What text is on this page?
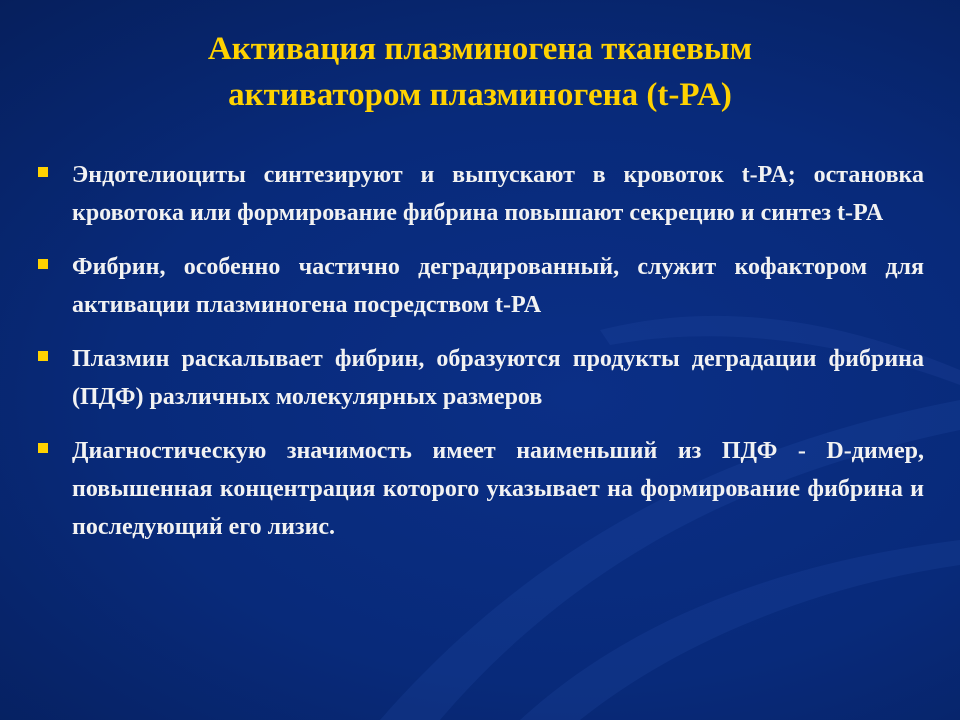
Активация плазминогена тканевым
активатором плазминогена (t-PA)
Эндотелиоциты синтезируют и выпускают в кровоток t-PA; остановка кровотока или формирование фибрина повышают секрецию и синтез t-PA
Фибрин, особенно частично деградированный, служит кофактором для активации плазминогена посредством t-PA
Плазмин раскалывает фибрин, образуются продукты деградации фибрина (ПДФ) различных молекулярных размеров
Диагностическую значимость имеет наименьший из ПДФ - D-димер, повышенная концентрация которого указывает на формирование фибрина и последующий его лизис.
